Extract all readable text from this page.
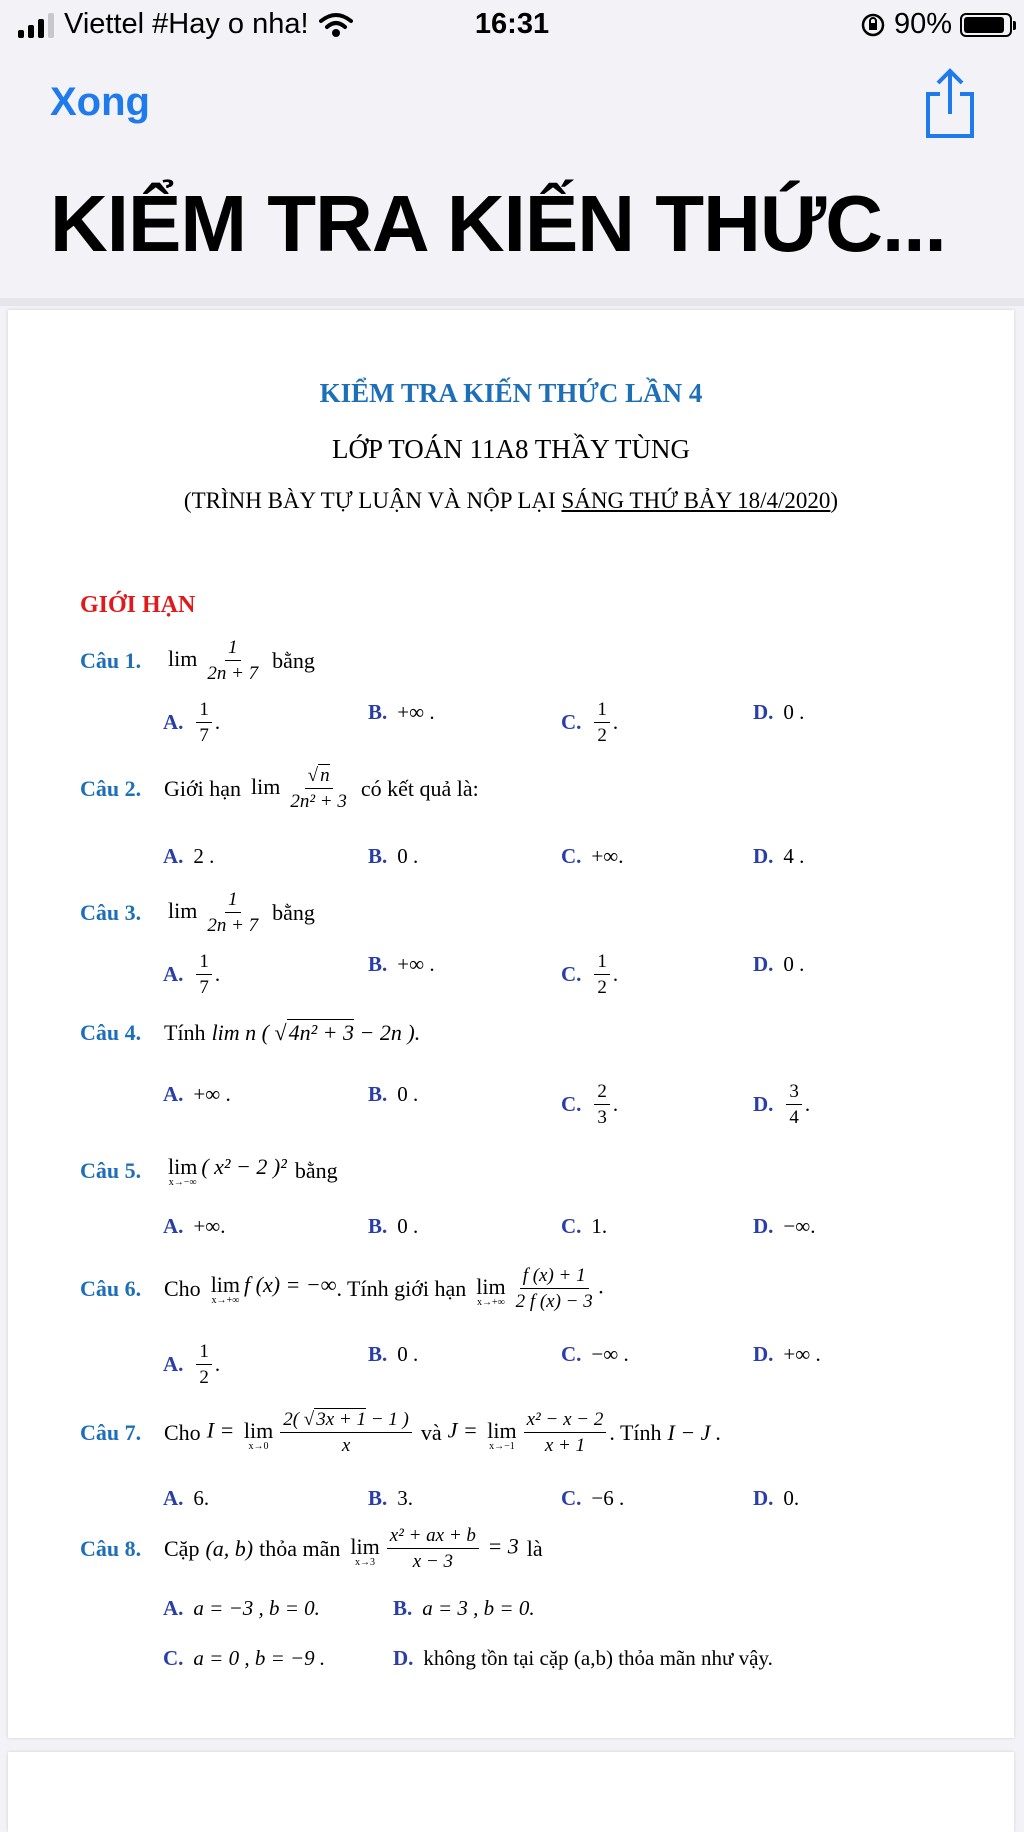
Viettel #Hay o nha!	16:31	90%
Xong
KIỂM TRA KIẾN THỨC...
KIỂM TRA KIẾN THỨC LẦN 4
LỚP TOÁN 11A8 THẦY TÙNG
(TRÌNH BÀY TỰ LUẬN VÀ NỘP LẠI SÁNG THỨ BẢY 18/4/2020)
GIỚI HẠN
Câu 1.	$\lim \frac{1}{2n + 7}$ bằng
A. $\frac{1}{7}$ .	B. +∞ .	C. $\frac{1}{2}$ .	D. 0 .
Câu 2.	Giới hạn $\lim \frac{√ n}{\text{2n² + 3}}$ có kết quả là:
A. 2 .	B. 0 .	C. +∞.	D. 4 .
Câu 3.	$\lim \frac{1}{2n + 7}$ bằng
A. $\frac{1}{7}$ .	B. +∞ .	C. $\frac{1}{2}$ .	D. 0 .
Câu 4.	Tính lim n ( √4n² + 3 − 2n ).
A. +∞ .	B. 0 .	C. $\frac{2}{3}$ .	D. $\frac{3}{4}$ .
Câu 5.	lim
x→−∞
( x² − 2 )² bằng
A. +∞.	B. 0 .	C. 1.	D. −∞.
Câu 6.	Cho lim
x→+∞
f (x) = −∞ . Tính giới hạn lim
$x\to+\infty \frac{f (x) + 1}{2 f (x) - 3}$ .
A. $\frac{1}{2}$ .	B. 0 .	C. −∞ .	D. +∞ .
Câu 7.	Cho I = lim
$x\to 0 \frac{2( √ 3x + 1 - 1 )}{x}$ và J = lim
$x\to-1 \frac{\text{x² − x − 2}}{x + 1}$ . Tính I − J .
A. 6.	B. 3.	C. −6 .	D. 0.
Câu 8.	Cặp (a, b) thỏa mãn lim
$x\to 3 \frac{\text{x² + ax + b}}{x - 3} = 3$ là
A. a = −3 , b = 0.	B. a = 3 , b = 0.
C. a = 0 , b = −9 .	D. không tồn tại cặp (a,b) thỏa mãn như vậy.
